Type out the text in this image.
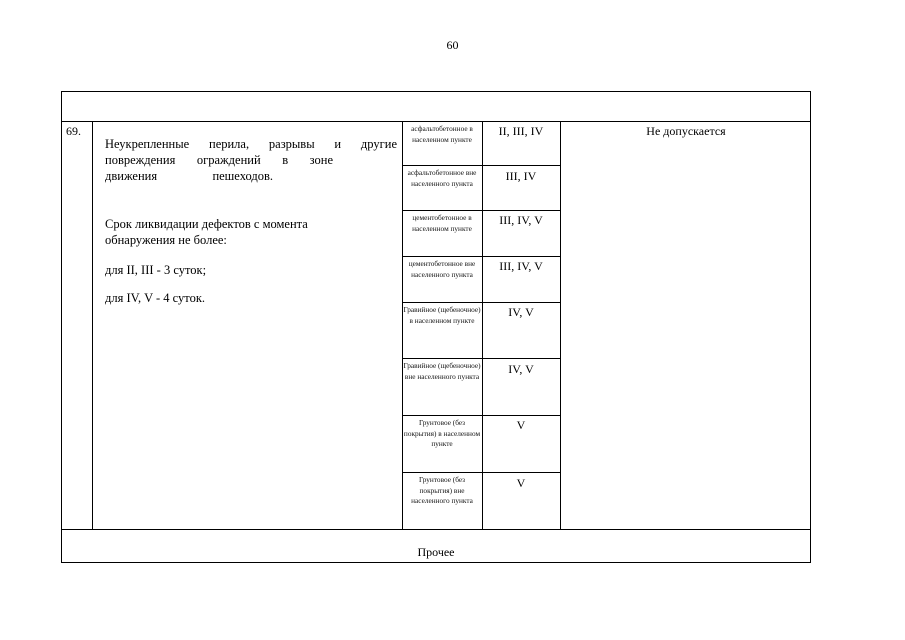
60
69.
Неукрепленные перила, разрывы и другие
повреждения ограждений в зоне
движения пешеходов.
Срок ликвидации дефектов с момента
обнаружения не более:
для II, III - 3 суток;
для IV, V - 4 суток.
асфальтобетонное в населенном пункте
II, III, IV
асфальтобетонное вне населенного пункта	III, IV
цементобетонное в населенном пункте
III, IV, V
цементобетонное вне населенного пункта
III, IV, V
Гравийное (щебеночное) в населенном пункте
IV, V
Гравийное (щебеночное) вне населенного пункта	IV, V
Грунтовое (без покрытия) в населенном пункте
V
Грунтовое (без покрытия) вне населенного пункта
V
Не допускается
Прочее
